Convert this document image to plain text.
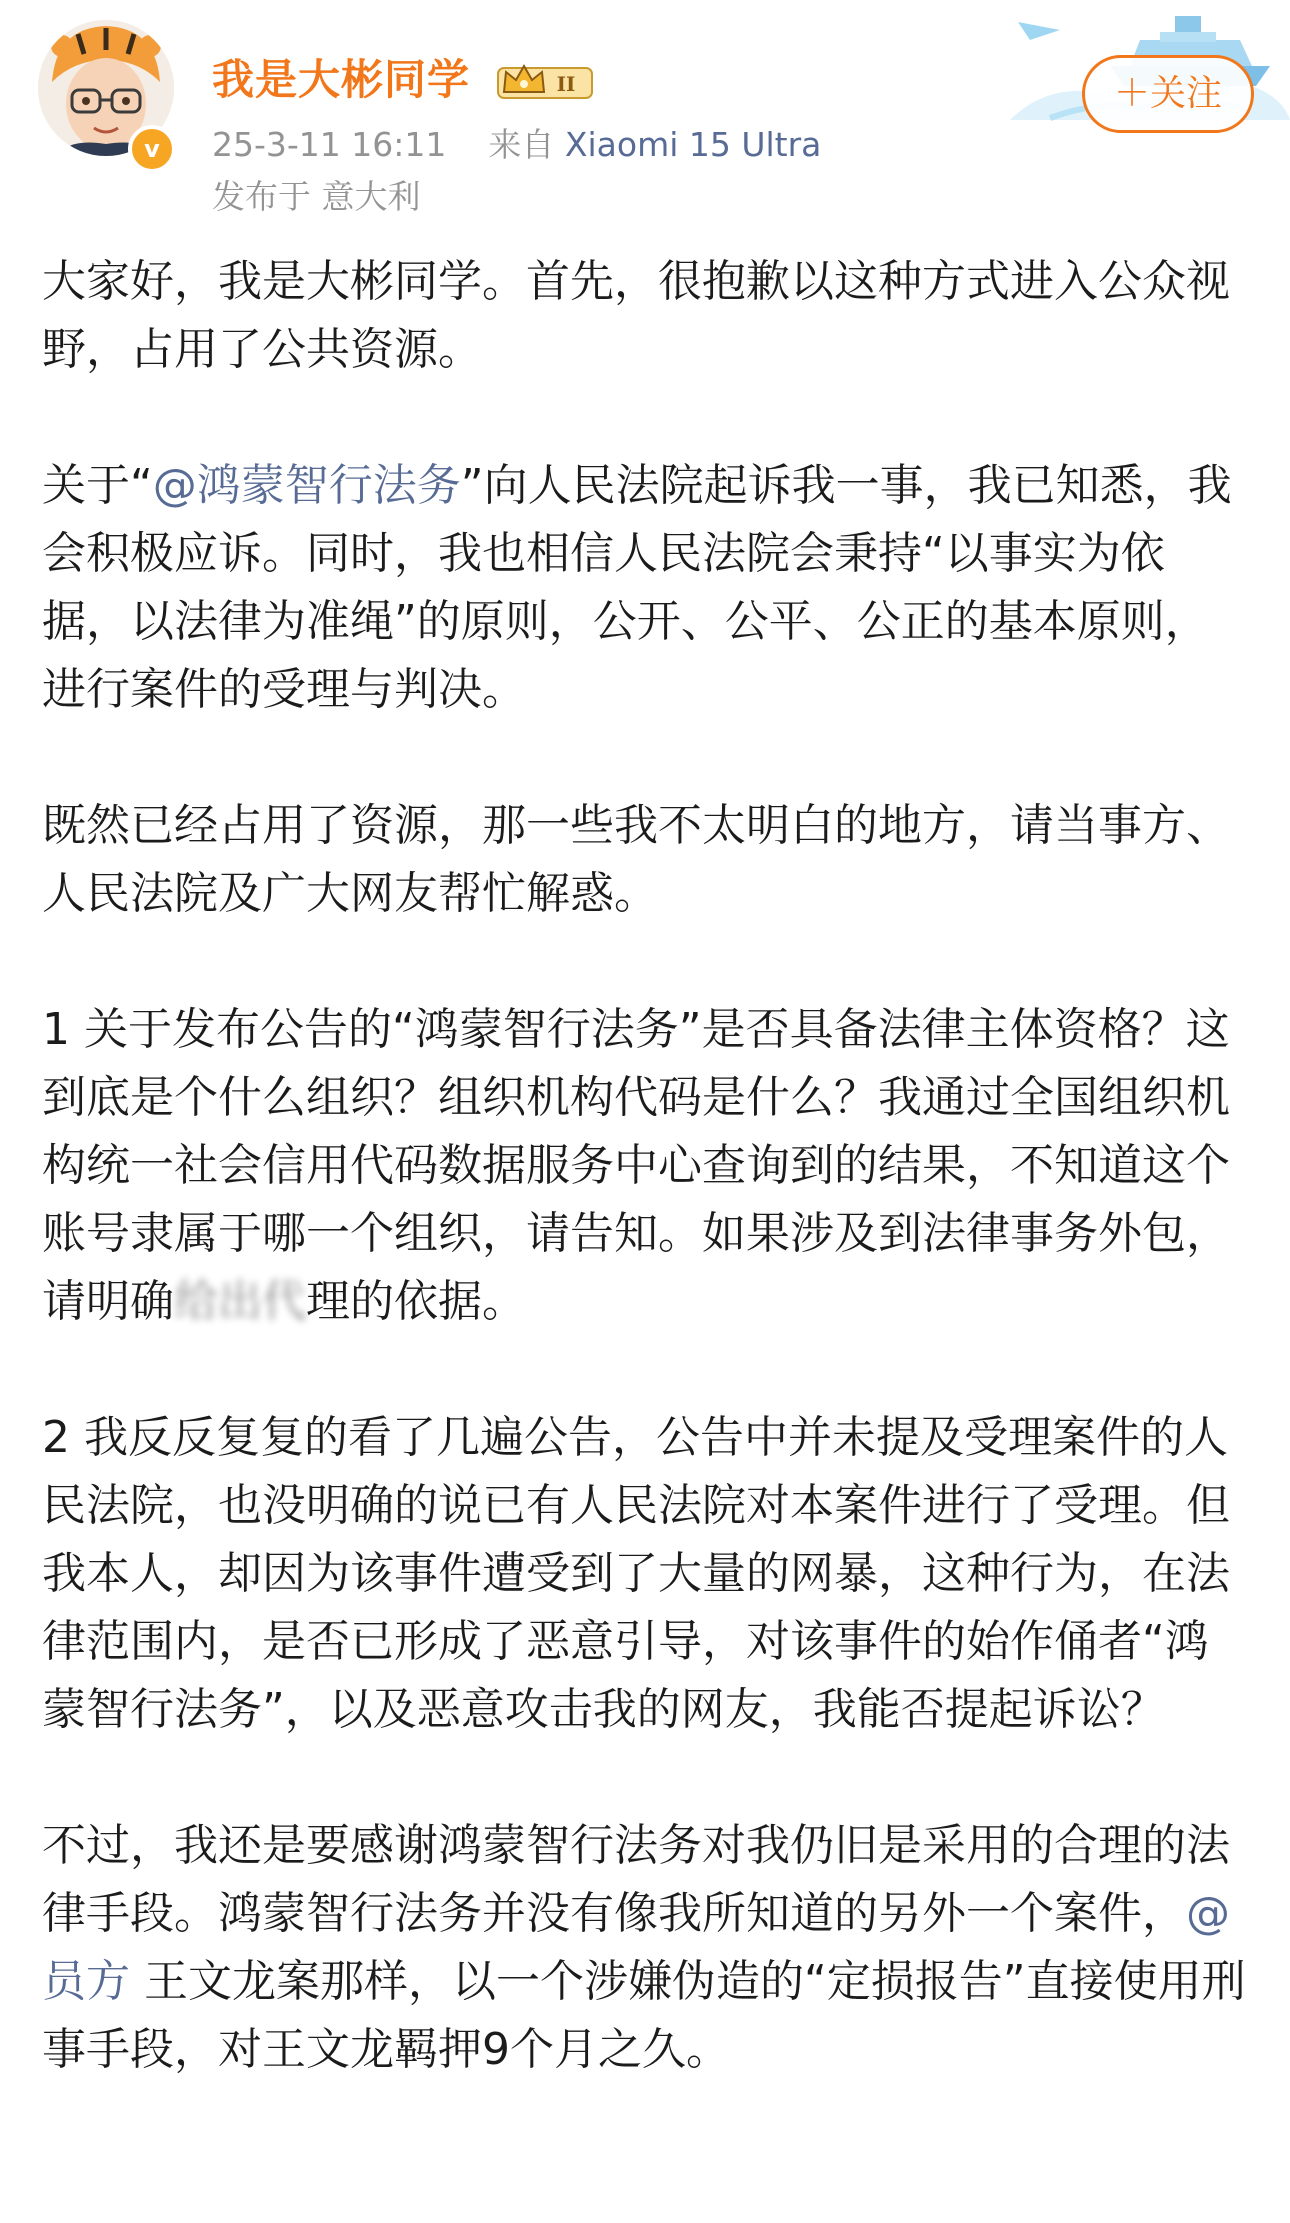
v
我是大彬同学	II
25-3-11 16:11 来自 Xiaomi 15 Ultra
发布于 意大利
＋关注

大家好，我是大彬同学。首先，很抱歉以这种方式进入公众视野，占用了公共资源。

关于“@鸿蒙智行法务”向人民法院起诉我一事，我已知悉，我会积极应诉。同时，我也相信人民法院会秉持“以事实为依据，以法律为准绳”的原则，公开、公平、公正的基本原则，进行案件的受理与判决。

既然已经占用了资源，那一些我不太明白的地方，请当事方、人民法院及广大网友帮忙解惑。

1 关于发布公告的“鸿蒙智行法务”是否具备法律主体资格？这到底是个什么组织？组织机构代码是什么？我通过全国组织机构统一社会信用代码数据服务中心查询到的结果，不知道这个账号隶属于哪一个组织，请告知。如果涉及到法律事务外包，请明确给出代理的依据。

2 我反反复复的看了几遍公告，公告中并未提及受理案件的人民法院，也没明确的说已有人民法院对本案件进行了受理。但我本人，却因为该事件遭受到了大量的网暴，这种行为，在法律范围内，是否已形成了恶意引导，对该事件的始作俑者“鸿蒙智行法务”，以及恶意攻击我的网友，我能否提起诉讼？

不过，我还是要感谢鸿蒙智行法务对我仍旧是采用的合理的法律手段。鸿蒙智行法务并没有像我所知道的另外一个案件，@员方 王文龙案那样，以一个涉嫌伪造的“定损报告”直接使用刑事手段，对王文龙羁押9个月之久。
